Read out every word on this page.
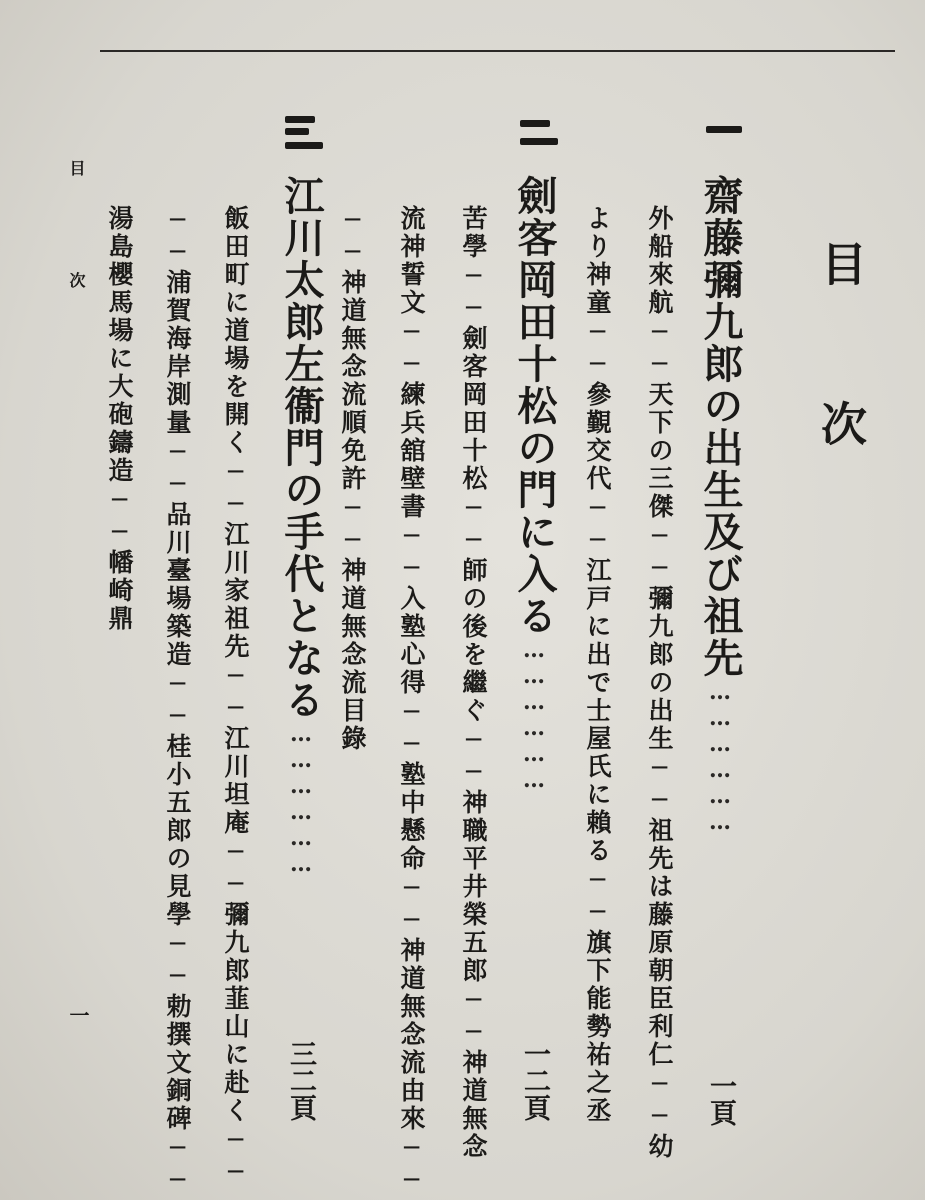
目
次
齋藤彌九郎の出生及び祖先………………
一頁
外船來航──天下の三傑──彌九郎の出生──祖先は藤原朝臣利仁──幼
より神童──參覲交代──江戸に出で士屋氏に賴る──旗下能勢祐之丞
劍客岡田十松の門に入る………………
一二頁
苦學──劍客岡田十松──師の後を繼ぐ──神職平井榮五郎──神道無念
流神誓文──練兵舘壁書──入塾心得──塾中懸命──神道無念流由來──
──神道無念流順免許──神道無念流目錄
江川太郎左衞門の手代となる………………
三二頁
飯田町に道場を開く──江川家祖先──江川坦庵──彌九郎韮山に赴く──
──浦賀海岸測量──品川臺場築造──桂小五郎の見學──勅撰文銅碑──
湯島櫻馬場に大砲鑄造──幡崎鼎
目　次
一
